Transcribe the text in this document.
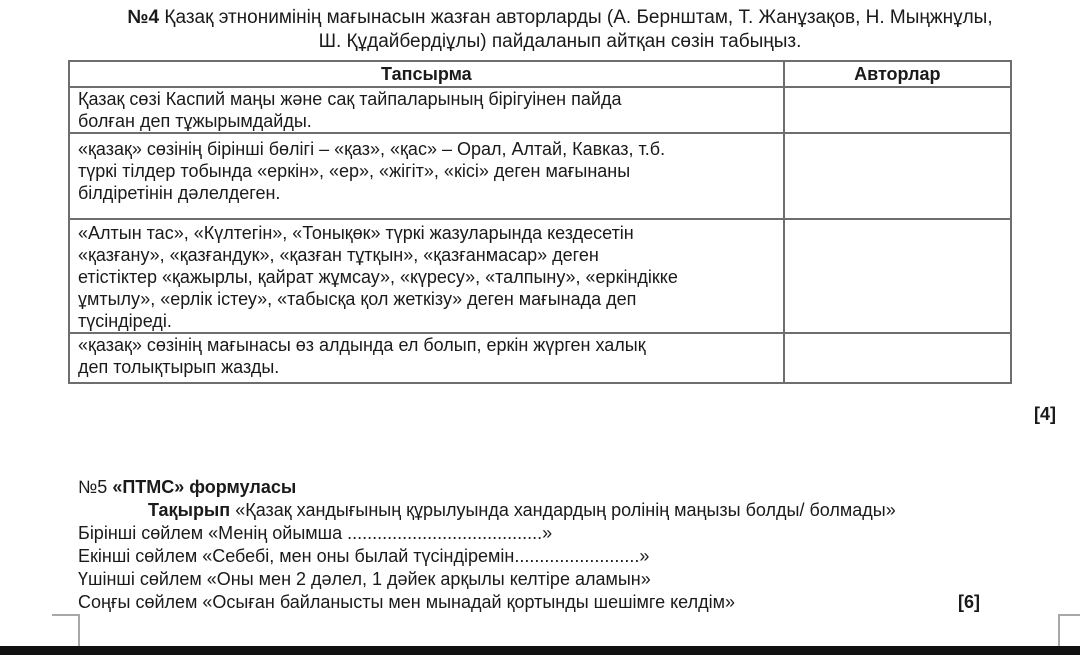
№4 Қазақ этнонимінің мағынасын жазған авторларды (А. Бернштам, Т. Жанұзақов, Н. Мыңжнұлы,
Ш. Құдайбердіұлы) пайдаланып айтқан сөзін табыңыз.
Тапсырма	Авторлар

Қазақ сөзі Каспий маңы және сақ тайпаларының бірігуінен пайда
болған деп тұжырымдайды.	

«қазақ» сөзінің бірінші бөлігі – «қаз», «қас» – Орал, Алтай, Кавказ, т.б.
түркі тілдер тобында «еркін», «ер», «жігіт», «кісі» деген мағынаны
білдіретінін дәлелдеген.	

«Алтын тас», «Күлтегін», «Тонықөк» түркі жазуларында кездесетін
«қазғану», «қазғандук», «қазған тұтқын», «қазғанмасар» деген
етістіктер «қажырлы, қайрат жұмсау», «күресу», «талпыну», «еркіндікке
ұмтылу», «ерлік істеу», «табысқа қол жеткізу» деген мағынада деп
түсіндіреді.	

«қазақ» сөзінің мағынасы өз алдында ел болып, еркін жүрген халық
деп толықтырып жазды.	

[4]
№5 «ПТМС» формуласы
Тақырып «Қазақ хандығының құрылуында хандардың ролінің маңызы болды/ болмады»
Бірінші сөйлем «Менің ойымша .......................................»
Екінші сөйлем «Себебі, мен оны былай түсіндіремін.........................»
Үшінші сөйлем «Оны мен 2 дәлел, 1 дәйек арқылы келтіре аламын»
Соңғы сөйлем «Осыған байланысты мен мынадай қортынды шешімге келдім»	[6]
